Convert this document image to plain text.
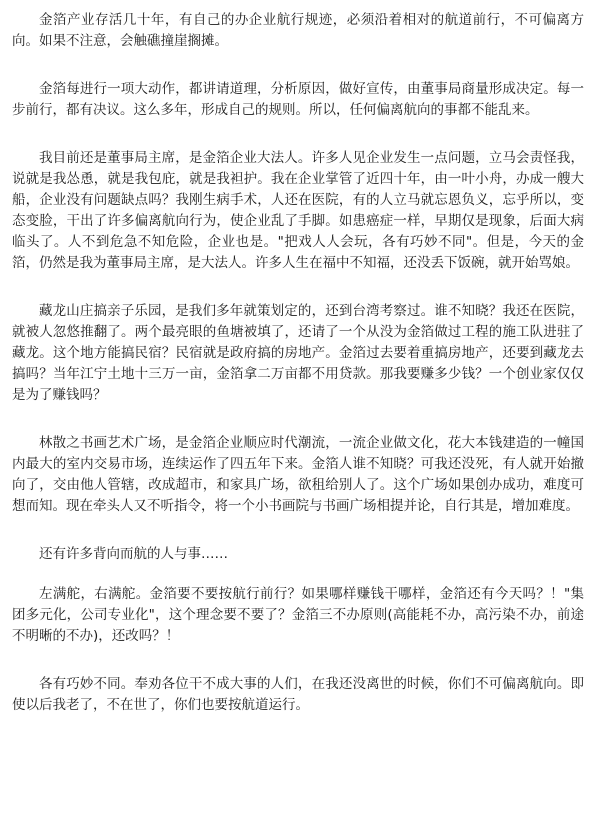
金箔产业存活几十年，有自己的办企业航行规迹，必须沿着相对的航道前行，不可偏离方向。如果不注意，会触礁撞崖搁摊。

金箔每进行一项大动作，都讲请道理，分析原因，做好宣传，由董事局商量形成决定。每一步前行，都有决议。这么多年，形成自己的规则。所以，任何偏离航向的事都不能乱来。

我目前还是董事局主席，是金箔企业大法人。许多人见企业发生一点问题，立马会责怪我，说就是我怂恿，就是我包庇，就是我袒护。我在企业掌管了近四十年，由一叶小舟，办成一艘大船，企业没有问题缺点吗？我刚生病手术，人还在医院，有的人立马就忘恩负义，忘乎所以，变态变脸，干出了许多偏离航向行为，使企业乱了手脚。如患癌症一样，早期仅是现象，后面大病临头了。人不到危急不知危险，企业也是。"把戏人人会玩，各有巧妙不同"。但是，今天的金箔，仍然是我为董事局主席，是大法人。许多人生在福中不知福，还没丢下饭碗，就开始骂娘。

藏龙山庄搞亲子乐园，是我们多年就策划定的，还到台湾考察过。谁不知晓？我还在医院，就被人忽悠推翻了。两个最亮眼的鱼塘被填了，还请了一个从没为金箔做过工程的施工队进驻了藏龙。这个地方能搞民宿？民宿就是政府搞的房地产。金箔过去要着重搞房地产，还要到藏龙去搞吗？当年江宁土地十三万一亩，金箔拿二万亩都不用贷款。那我要赚多少钱？一个创业家仅仅是为了赚钱吗？

林散之书画艺术广场，是金箔企业顺应时代潮流，一流企业做文化，花大本钱建造的一幢国内最大的室内交易市场，连续运作了四五年下来。金箔人谁不知晓？可我还没死，有人就开始撤向了，交由他人管辖，改成超市，和家具广场，欲租给别人了。这个广场如果创办成功，难度可想而知。现在牵头人又不听指令，将一个小书画院与书画广场相提并论，自行其是，增加难度。

还有许多背向而航的人与事……

左满舵，右满舵。金箔要不要按航行前行？如果哪样赚钱干哪样，金箔还有今天吗？！"集团多元化，公司专业化"，这个理念要不要了？金箔三不办原则(高能耗不办，高污染不办，前途不明晰的不办)，还改吗？！

各有巧妙不同。奉劝各位干不成大事的人们，在我还没离世的时候，你们不可偏离航向。即使以后我老了，不在世了，你们也要按航道运行。
